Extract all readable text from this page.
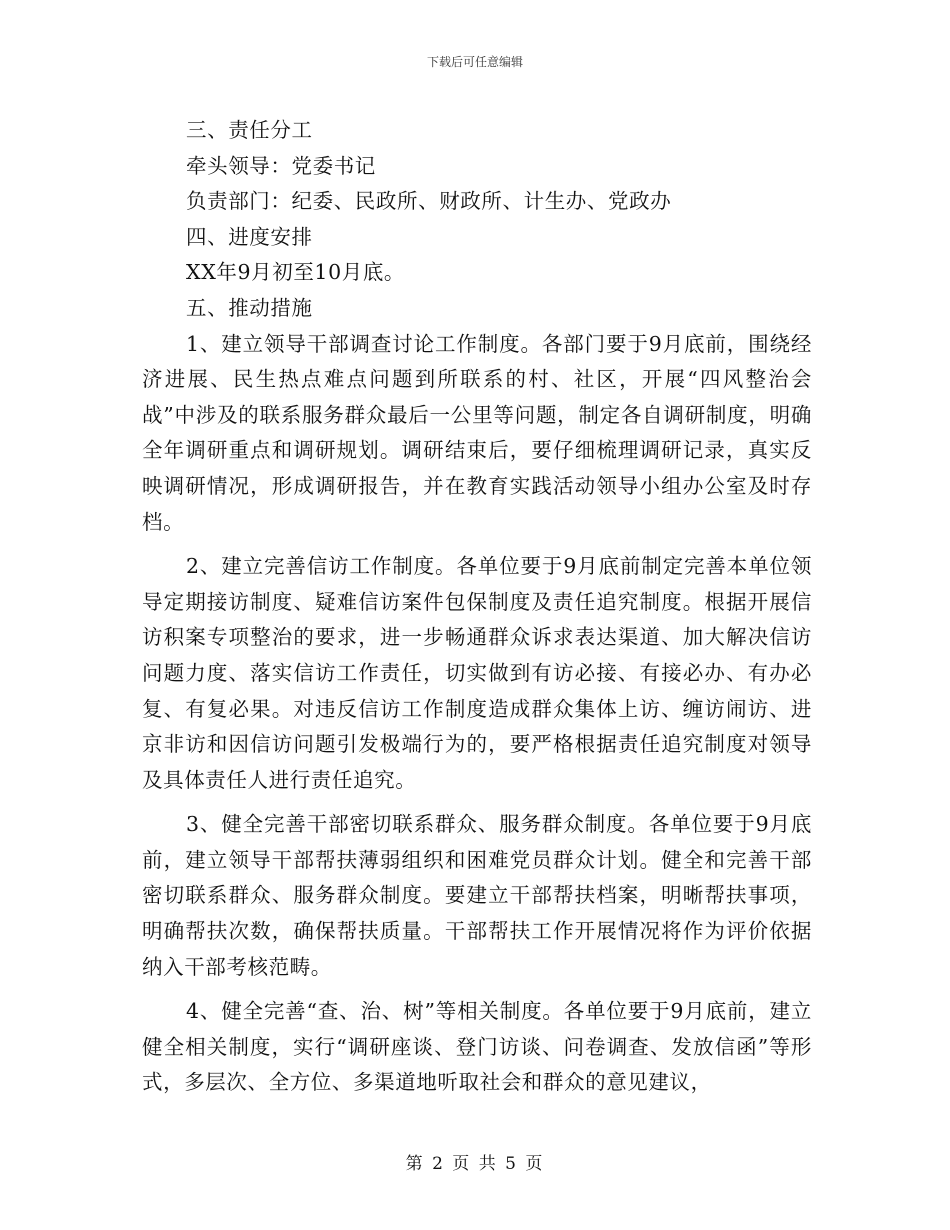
下载后可任意编辑

三、责任分工

牵头领导：党委书记

负责部门：纪委、民政所、财政所、计生办、党政办

四、进度安排

XX年9月初至10月底。

五、推动措施

1、建立领导干部调查讨论工作制度。各部门要于9月底前，围绕经济进展、民生热点难点问题到所联系的村、社区，开展“四风整治会战”中涉及的联系服务群众最后一公里等问题，制定各自调研制度，明确全年调研重点和调研规划。调研结束后，要仔细梳理调研记录，真实反映调研情况，形成调研报告，并在教育实践活动领导小组办公室及时存档。

2、建立完善信访工作制度。各单位要于9月底前制定完善本单位领导定期接访制度、疑难信访案件包保制度及责任追究制度。根据开展信访积案专项整治的要求，进一步畅通群众诉求表达渠道、加大解决信访问题力度、落实信访工作责任，切实做到有访必接、有接必办、有办必复、有复必果。对违反信访工作制度造成群众集体上访、缠访闹访、进京非访和因信访问题引发极端行为的，要严格根据责任追究制度对领导及具体责任人进行责任追究。

3、健全完善干部密切联系群众、服务群众制度。各单位要于9月底前，建立领导干部帮扶薄弱组织和困难党员群众计划。健全和完善干部密切联系群众、服务群众制度。要建立干部帮扶档案，明晰帮扶事项，明确帮扶次数，确保帮扶质量。干部帮扶工作开展情况将作为评价依据纳入干部考核范畴。

4、健全完善“查、治、树”等相关制度。各单位要于9月底前，建立健全相关制度，实行“调研座谈、登门访谈、问卷调查、发放信函”等形式，多层次、全方位、多渠道地听取社会和群众的意见建议，

第 2 页 共 5 页
